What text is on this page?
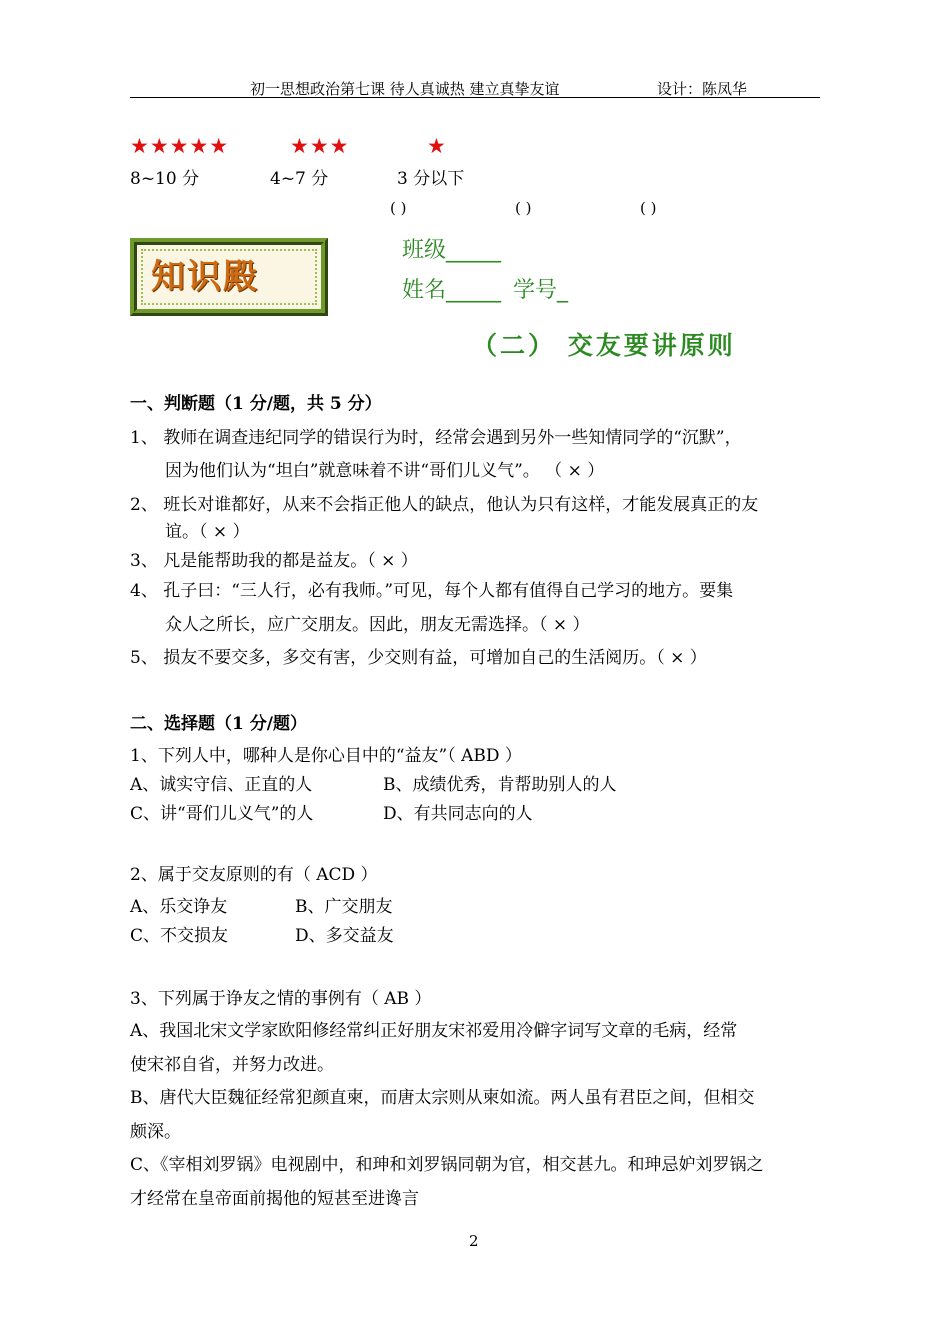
初一思想政治第七课 待人真诚热 建立真挚友谊	设计：陈凤华
★★★★★	★★★	★
8~10 分	4~7 分	3 分以下
( )	( )	( )
知识殿
班级_____
姓名_____ 学号_
（二） 交友要讲原则
一、判断题（1 分/题，共 5 分）
1、 教师在调查违纪同学的错误行为时，经常会遇到另外一些知情同学的“沉默”，
因为他们认为“坦白”就意味着不讲“哥们儿义气”。 （ × ）
2、 班长对谁都好，从来不会指正他人的缺点，他认为只有这样，才能发展真正的友
谊。（ × ）
3、 凡是能帮助我的都是益友。（ × ）
4、 孔子曰：“三人行，必有我师。”可见，每个人都有值得自己学习的地方。要集
众人之所长，应广交朋友。因此，朋友无需选择。（ × ）
5、 损友不要交多，多交有害，少交则有益，可增加自己的生活阅历。（ × ）
二、选择题（1 分/题）
1、下列人中，哪种人是你心目中的“益友”（ ABD ）
A、诚实守信、正直的人	B、成绩优秀，肯帮助别人的人
C、讲“哥们儿义气”的人	D、有共同志向的人
2、属于交友原则的有（ ACD ）
A、乐交诤友	B、广交朋友
C、不交损友	D、多交益友
3、下列属于诤友之情的事例有（ AB ）
A、我国北宋文学家欧阳修经常纠正好朋友宋祁爱用冷僻字词写文章的毛病，经常
使宋祁自省，并努力改进。
B、唐代大臣魏征经常犯颜直柬，而唐太宗则从柬如流。两人虽有君臣之间，但相交
颇深。
C、《宰相刘罗锅》电视剧中，和珅和刘罗锅同朝为官，相交甚九。和珅忌妒刘罗锅之
才经常在皇帝面前揭他的短甚至进谗言
2
